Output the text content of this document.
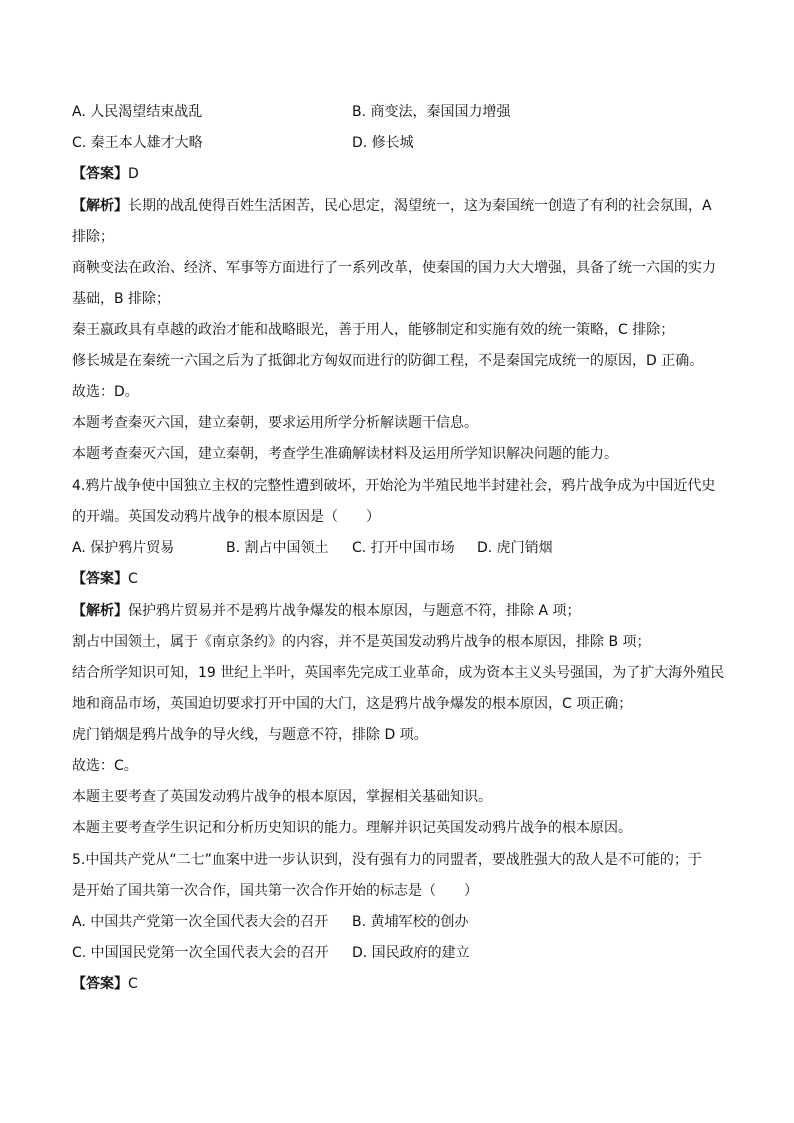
A. 人民渴望结束战乱	B. 商变法，秦国国力增强
C. 秦王本人雄才大略	D. 修长城
【答案】D
【解析】长期的战乱使得百姓生活困苦，民心思定，渴望统一，这为秦国统一创造了有利的社会氛围，A
排除；
商鞅变法在政治、经济、军事等方面进行了一系列改革，使秦国的国力大大增强，具备了统一六国的实力
基础，B 排除；
秦王嬴政具有卓越的政治才能和战略眼光，善于用人，能够制定和实施有效的统一策略，C 排除；
修长城是在秦统一六国之后为了抵御北方匈奴而进行的防御工程，不是秦国完成统一的原因，D 正确。
故选：D。
本题考查秦灭六国，建立秦朝，要求运用所学分析解读题干信息。
本题考查秦灭六国，建立秦朝，考查学生准确解读材料及运用所学知识解决问题的能力。
4.鸦片战争使中国独立主权的完整性遭到破坏，开始沦为半殖民地半封建社会，鸦片战争成为中国近代史
的开端。英国发动鸦片战争的根本原因是（　　）
A. 保护鸦片贸易	B. 割占中国领土 C. 打开中国市场 D. 虎门销烟
【答案】C
【解析】保护鸦片贸易并不是鸦片战争爆发的根本原因，与题意不符，排除 A 项；
割占中国领土，属于《南京条约》的内容，并不是英国发动鸦片战争的根本原因，排除 B 项；
结合所学知识可知，19 世纪上半叶，英国率先完成工业革命，成为资本主义头号强国，为了扩大海外殖民
地和商品市场，英国迫切要求打开中国的大门，这是鸦片战争爆发的根本原因，C 项正确；
虎门销烟是鸦片战争的导火线，与题意不符，排除 D 项。
故选：C。
本题主要考查了英国发动鸦片战争的根本原因，掌握相关基础知识。
本题主要考查学生识记和分析历史知识的能力。理解并识记英国发动鸦片战争的根本原因。
5.中国共产党从“二七”血案中进一步认识到，没有强有力的同盟者，要战胜强大的敌人是不可能的；于
是开始了国共第一次合作，国共第一次合作开始的标志是（　　）
A. 中国共产党第一次全国代表大会的召开 B. 黄埔军校的创办
C. 中国国民党第一次全国代表大会的召开 D. 国民政府的建立
【答案】C
